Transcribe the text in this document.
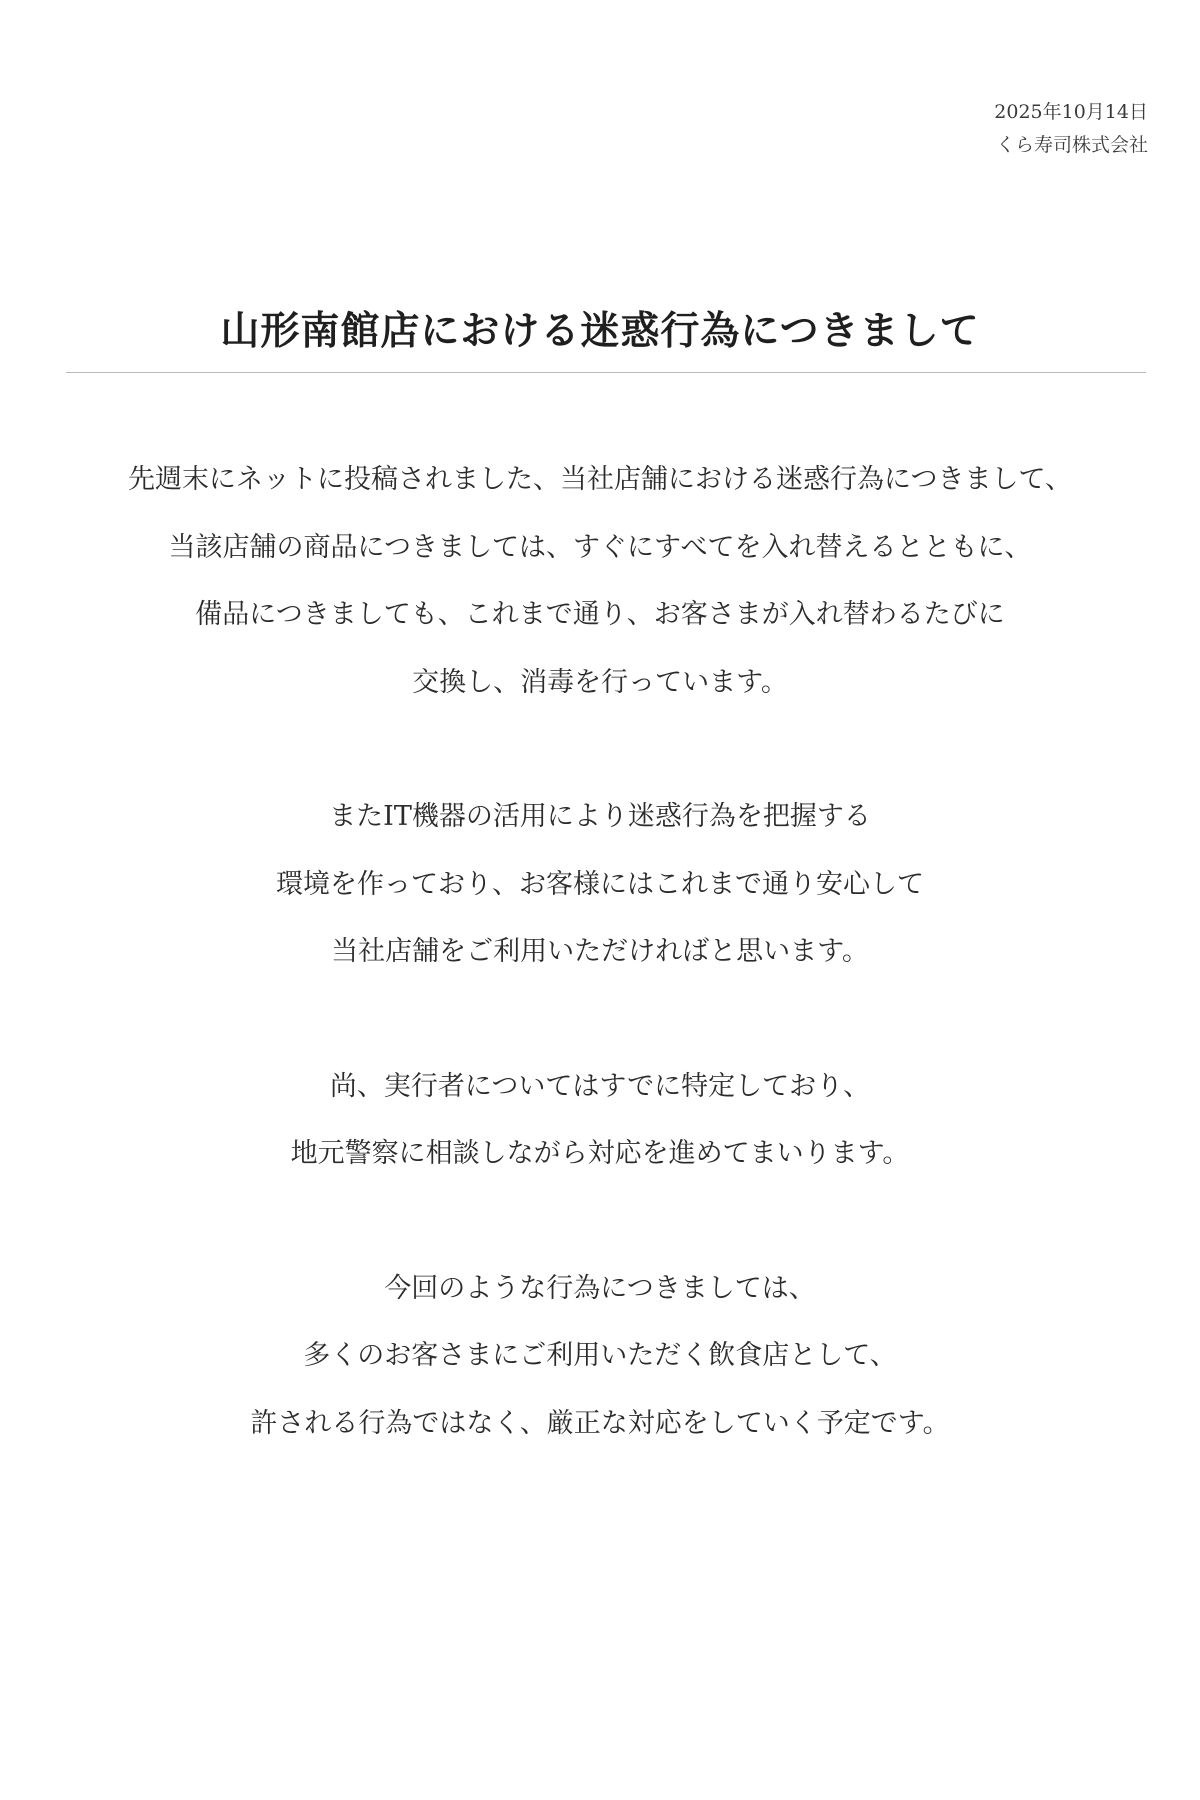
2025年10月14日
くら寿司株式会社
山形南館店における迷惑行為につきまして
先週末にネットに投稿されました、当社店舗における迷惑行為につきまして、
当該店舗の商品につきましては、すぐにすべてを入れ替えるとともに、
備品につきましても、これまで通り、お客さまが入れ替わるたびに
交換し、消毒を行っています。
またIT機器の活用により迷惑行為を把握する
環境を作っており、お客様にはこれまで通り安心して
当社店舗をご利用いただければと思います。
尚、実行者についてはすでに特定しており、
地元警察に相談しながら対応を進めてまいります。
今回のような行為につきましては、
多くのお客さまにご利用いただく飲食店として、
許される行為ではなく、厳正な対応をしていく予定です。
